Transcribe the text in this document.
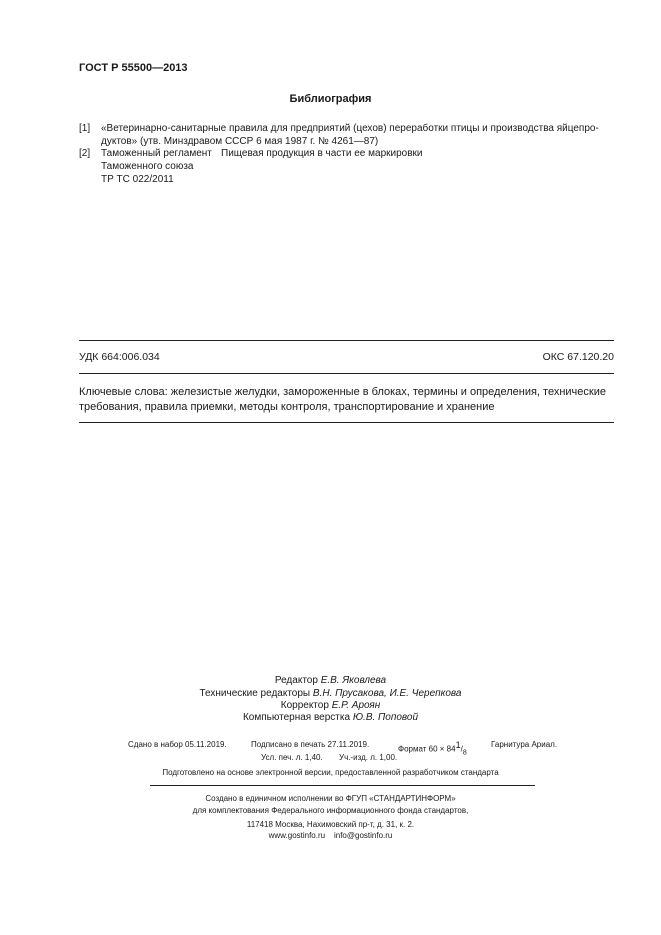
ГОСТ Р 55500—2013
Библиография
[1] «Ветеринарно-санитарные правила для предприятий (цехов) переработки птицы и производства яйцепро-
дуктов» (утв. Минздравом СССР 6 мая 1987 г. № 4261—87)
[2] Таможенный регламент
Таможенного союза
ТР ТС 022/2011
Пищевая продукция в части ее маркировки
УДК 664:006.034	ОКС 67.120.20
Ключевые слова: железистые желудки, замороженные в блоках, термины и определения, технические
требования, правила приемки, методы контроля, транспортирование и хранение
Редактор Е.В. Яковлева
Технические редакторы В.Н. Прусакова, И.Е. Черепкова
Корректор Е.Р. Ароян
Компьютерная верстка Ю.В. Поповой
Сдано в набор 05.11.2019.	Подписано в печать 27.11.2019.
Формат $60 \times 84^1/_8$
Гарнитура Ариал.
Усл. печ. л. 1,40. Уч.-изд. л. 1,00.
Подготовлено на основе электронной версии, предоставленной разработчиком стандарта
Создано в единичном исполнении во ФГУП «СТАНДАРТИНФОРМ»
для комплектования Федерального информационного фонда стандартов,
117418 Москва, Нахимовский пр-т, д. 31, к. 2.
www.gostinfo.ru info@gostinfo.ru
